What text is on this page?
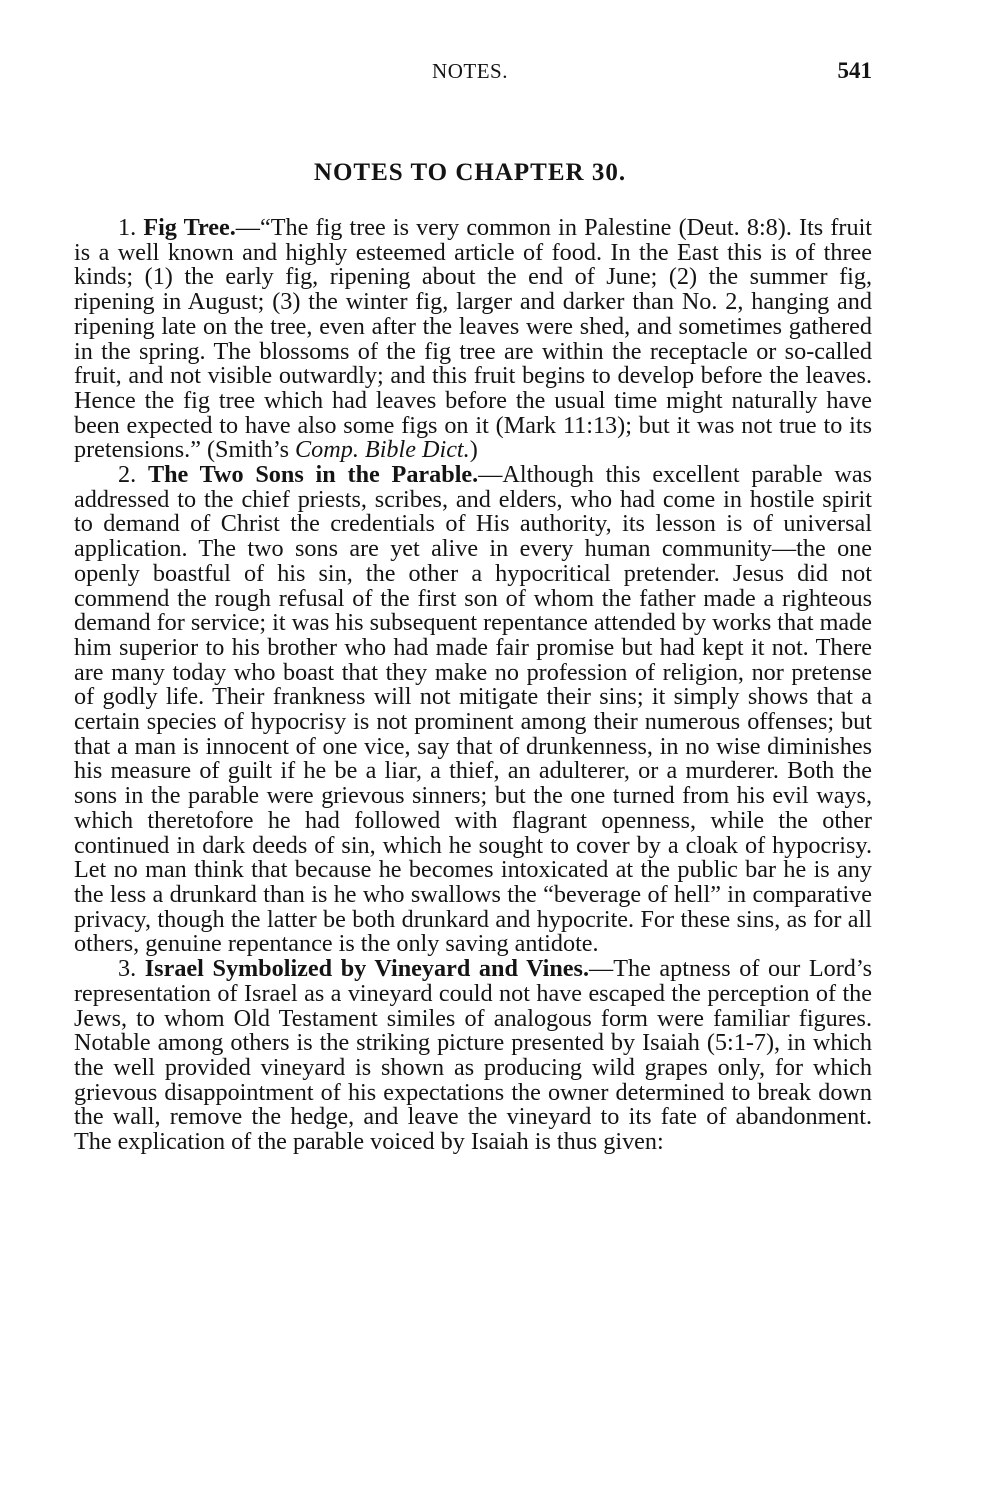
NOTES.	541
NOTES TO CHAPTER 30.

1. Fig Tree.—“The fig tree is very common in Palestine (Deut. 8:8). Its fruit is a well known and highly esteemed article of food. In the East this is of three kinds; (1) the early fig, ripening about the end of June; (2) the summer fig, ripening in August; (3) the winter fig, larger and darker than No. 2, hanging and ripening late on the tree, even after the leaves were shed, and sometimes gathered in the spring. The blossoms of the fig tree are within the receptacle or so-called fruit, and not visible outwardly; and this fruit begins to develop before the leaves. Hence the fig tree which had leaves before the usual time might naturally have been expected to have also some figs on it (Mark 11:13); but it was not true to its pretensions.” (Smith’s Comp. Bible Dict.)

2. The Two Sons in the Parable.—Although this excellent parable was addressed to the chief priests, scribes, and elders, who had come in hostile spirit to demand of Christ the credentials of His authority, its lesson is of universal application. The two sons are yet alive in every human community—the one openly boastful of his sin, the other a hypocritical pretender. Jesus did not commend the rough refusal of the first son of whom the father made a righteous demand for service; it was his subsequent repentance attended by works that made him superior to his brother who had made fair promise but had kept it not. There are many today who boast that they make no profession of religion, nor pretense of godly life. Their frankness will not mitigate their sins; it simply shows that a certain species of hypocrisy is not prominent among their numerous offenses; but that a man is innocent of one vice, say that of drunkenness, in no wise diminishes his measure of guilt if he be a liar, a thief, an adulterer, or a murderer. Both the sons in the parable were grievous sinners; but the one turned from his evil ways, which theretofore he had followed with flagrant openness, while the other continued in dark deeds of sin, which he sought to cover by a cloak of hypocrisy. Let no man think that because he becomes intoxicated at the public bar he is any the less a drunkard than is he who swallows the “beverage of hell” in comparative privacy, though the latter be both drunkard and hypocrite. For these sins, as for all others, genuine repentance is the only saving antidote.

3. Israel Symbolized by Vineyard and Vines.—The aptness of our Lord’s representation of Israel as a vineyard could not have escaped the perception of the Jews, to whom Old Testament similes of analogous form were familiar figures. Notable among others is the striking picture presented by Isaiah (5:1-7), in which the well provided vineyard is shown as producing wild grapes only, for which grievous disappointment of his expectations the owner determined to break down the wall, remove the hedge, and leave the vineyard to its fate of abandonment. The explication of the parable voiced by Isaiah is thus given:
